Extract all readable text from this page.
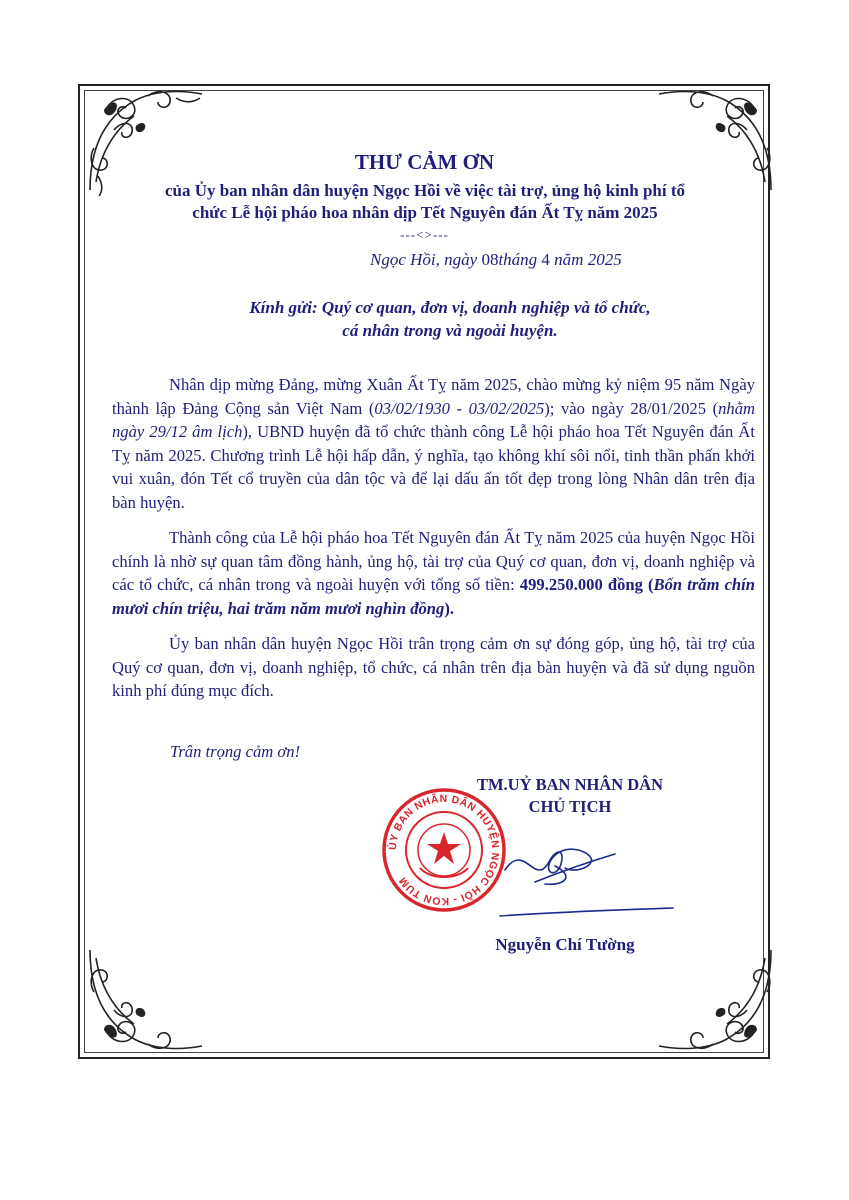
THƯ CẢM ƠN
của Ủy ban nhân dân huyện Ngọc Hồi về việc tài trợ, ủng hộ kinh phí tổ
chức Lễ hội pháo hoa nhân dịp Tết Nguyên đán Ất Tỵ năm 2025
---<>---
Ngọc Hồi, ngày 08tháng 4 năm 2025
Kính gửi: Quý cơ quan, đơn vị, doanh nghiệp và tổ chức,
cá nhân trong và ngoài huyện.

Nhân dịp mừng Đảng, mừng Xuân Ất Tỵ năm 2025, chào mừng kỷ niệm 95 năm Ngày thành lập Đảng Cộng sản Việt Nam (03/02/1930 - 03/02/2025); vào ngày 28/01/2025 (nhằm ngày 29/12 âm lịch), UBND huyện đã tổ chức thành công Lễ hội pháo hoa Tết Nguyên đán Ất Tỵ năm 2025. Chương trình Lễ hội hấp dẫn, ý nghĩa, tạo không khí sôi nổi, tinh thần phấn khởi vui xuân, đón Tết cổ truyền của dân tộc và để lại dấu ấn tốt đẹp trong lòng Nhân dân trên địa bàn huyện.

Thành công của Lễ hội pháo hoa Tết Nguyên đán Ất Tỵ năm 2025 của huyện Ngọc Hồi chính là nhờ sự quan tâm đồng hành, ủng hộ, tài trợ của Quý cơ quan, đơn vị, doanh nghiệp và các tổ chức, cá nhân trong và ngoài huyện với tổng số tiền: 499.250.000 đồng (Bốn trăm chín mươi chín triệu, hai trăm năm mươi nghìn đồng).

Ủy ban nhân dân huyện Ngọc Hồi trân trọng cảm ơn sự đóng góp, ủng hộ, tài trợ của Quý cơ quan, đơn vị, doanh nghiệp, tổ chức, cá nhân trên địa bàn huyện và đã sử dụng nguồn kinh phí đúng mục đích.

Trân trọng cảm ơn!
TM.UỶ BAN NHÂN DÂN
CHỦ TỊCH
ỦY BAN NHÂN DÂN HUYỆN NGỌC HỒI - KON TUM
Nguyễn Chí Tường
